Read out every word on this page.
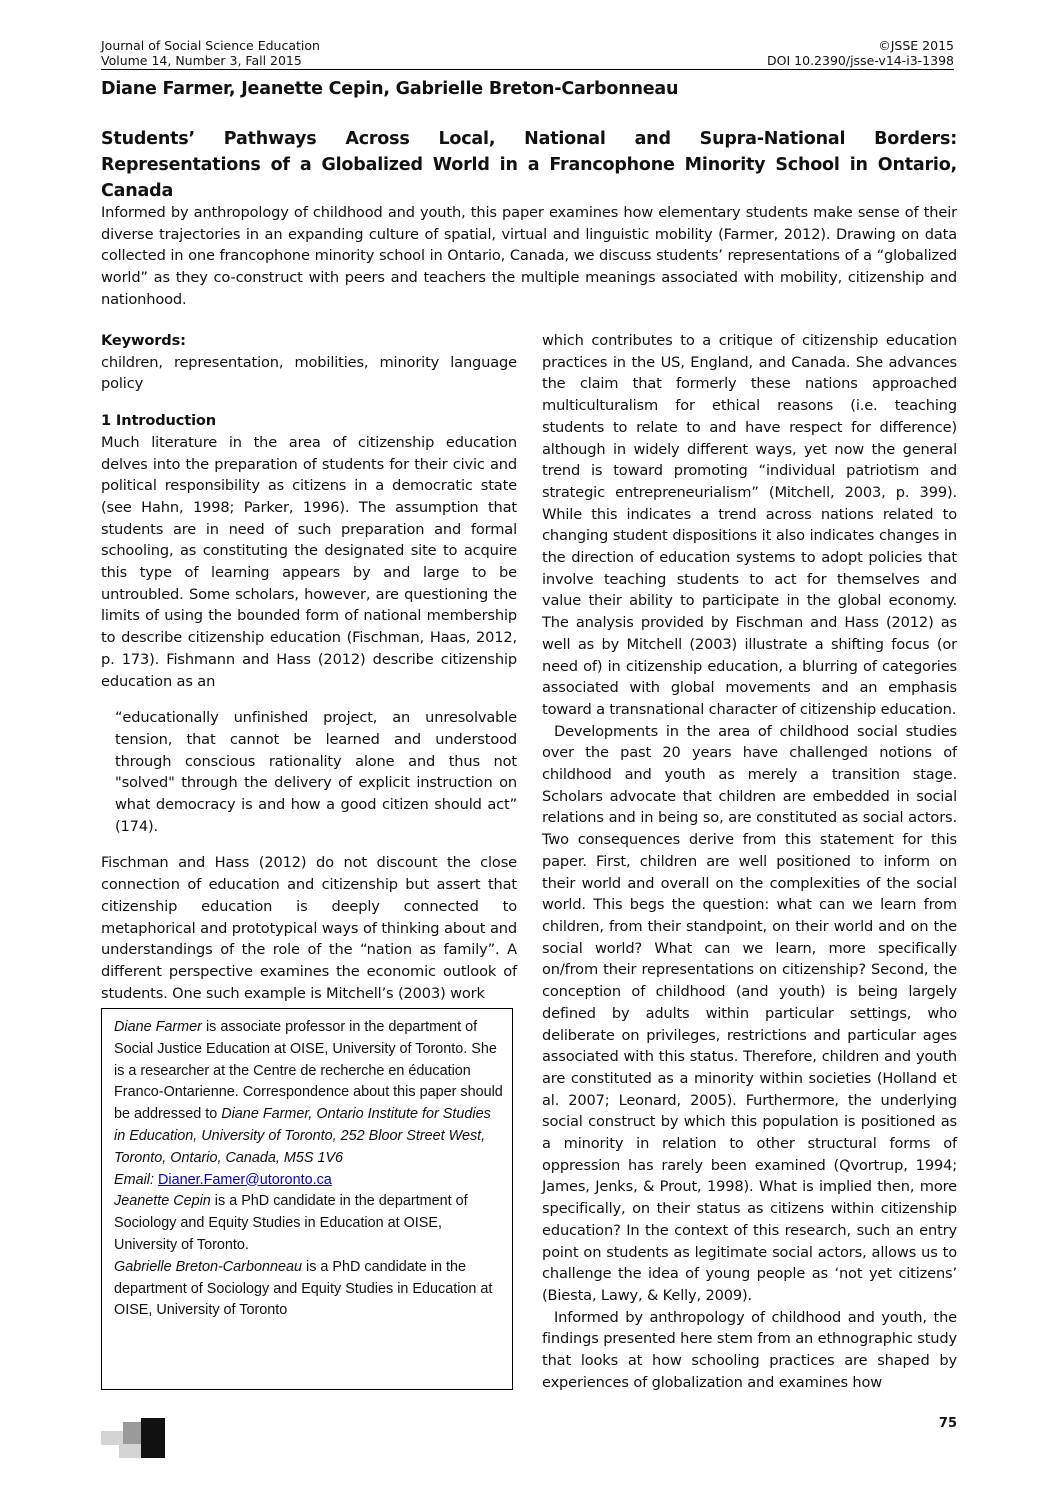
Journal of Social Science Education
Volume 14, Number 3, Fall 2015
©JSSE 2015
DOI 10.2390/jsse-v14-i3-1398
Diane Farmer, Jeanette Cepin, Gabrielle Breton-Carbonneau
Students’ Pathways Across Local, National and Supra-National Borders: Representations of a Globalized World in a Francophone Minority School in Ontario, Canada
Informed by anthropology of childhood and youth, this paper examines how elementary students make sense of their diverse trajectories in an expanding culture of spatial, virtual and linguistic mobility (Farmer, 2012). Drawing on data collected in one francophone minority school in Ontario, Canada, we discuss students’ representations of a “globalized world” as they co-construct with peers and teachers the multiple meanings associated with mobility, citizenship and nationhood.

Keywords:

children, representation, mobilities, minority language policy

1 Introduction

Much literature in the area of citizenship education delves into the preparation of students for their civic and political responsibility as citizens in a democratic state (see Hahn, 1998; Parker, 1996). The assumption that students are in need of such preparation and formal schooling, as constituting the designated site to acquire this type of learning appears by and large to be untroubled. Some scholars, however, are questioning the limits of using the bounded form of national membership to describe citizenship education (Fischman, Haas, 2012, p. 173). Fishmann and Hass (2012) describe citizenship education as an

“educationally unfinished project, an unresolvable tension, that cannot be learned and understood through conscious rationality alone and thus not "solved" through the delivery of explicit instruction on what democracy is and how a good citizen should act” (174).

Fischman and Hass (2012) do not discount the close connection of education and citizenship but assert that citizenship education is deeply connected to metaphorical and prototypical ways of thinking about and understandings of the role of the “nation as family”. A different perspective examines the economic outlook of students. One such example is Mitchell’s (2003) work

which contributes to a critique of citizenship education practices in the US, England, and Canada. She advances the claim that formerly these nations approached multiculturalism for ethical reasons (i.e. teaching students to relate to and have respect for difference) although in widely different ways, yet now the general trend is toward promoting “individual patriotism and strategic entrepreneurialism” (Mitchell, 2003, p. 399). While this indicates a trend across nations related to changing student dispositions it also indicates changes in the direction of education systems to adopt policies that involve teaching students to act for themselves and value their ability to participate in the global economy. The analysis provided by Fischman and Hass (2012) as well as by Mitchell (2003) illustrate a shifting focus (or need of) in citizenship education, a blurring of categories associated with global movements and an emphasis toward a transnational character of citizenship education.

Developments in the area of childhood social studies over the past 20 years have challenged notions of childhood and youth as merely a transition stage. Scholars advocate that children are embedded in social relations and in being so, are constituted as social actors. Two consequences derive from this statement for this paper. First, children are well positioned to inform on their world and overall on the complexities of the social world. This begs the question: what can we learn from children, from their standpoint, on their world and on the social world? What can we learn, more specifically on/from their representations on citizenship? Second, the conception of childhood (and youth) is being largely defined by adults within particular settings, who deliberate on privileges, restrictions and particular ages associated with this status. Therefore, children and youth are constituted as a minority within societies (Holland et al. 2007; Leonard, 2005). Furthermore, the underlying social construct by which this population is positioned as a minority in relation to other structural forms of oppression has rarely been examined (Qvortrup, 1994; James, Jenks, & Prout, 1998). What is implied then, more specifically, on their status as citizens within citizenship education? In the context of this research, such an entry point on students as legitimate social actors, allows us to challenge the idea of young people as ‘not yet citizens’ (Biesta, Lawy, & Kelly, 2009).

Informed by anthropology of childhood and youth, the findings presented here stem from an ethnographic study that looks at how schooling practices are shaped by experiences of globalization and examines how

Diane Farmer is associate professor in the department of Social Justice Education at OISE, University of Toronto. She is a researcher at the Centre de recherche en éducation Franco-Ontarienne. Correspondence about this paper should be addressed to Diane Farmer, Ontario Institute for Studies in Education, University of Toronto, 252 Bloor Street West, Toronto, Ontario, Canada, M5S 1V6

Email: Dianer.Famer@utoronto.ca

Jeanette Cepin is a PhD candidate in the department of Sociology and Equity Studies in Education at OISE, University of Toronto.

Gabrielle Breton-Carbonneau is a PhD candidate in the department of Sociology and Equity Studies in Education at OISE, University of Toronto

75
